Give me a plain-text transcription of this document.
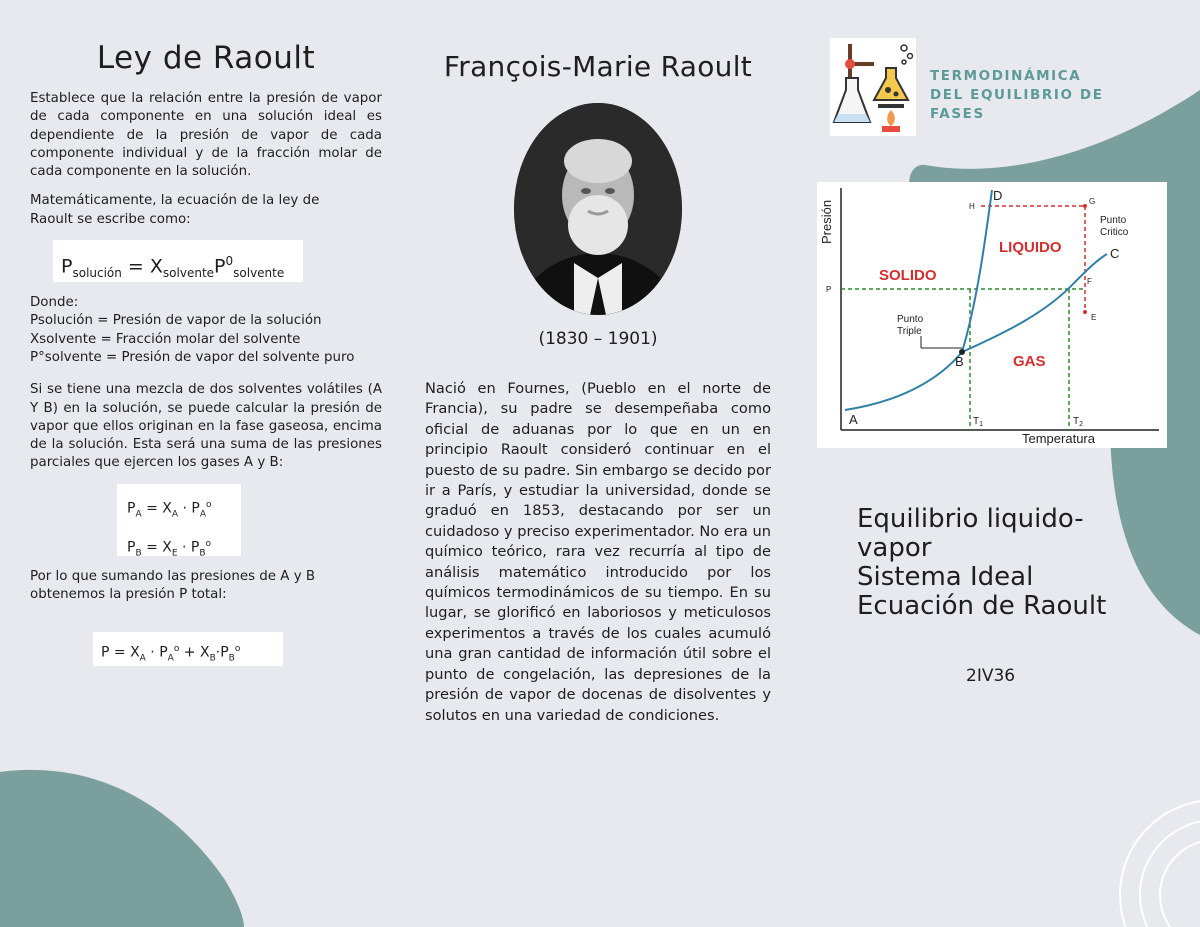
Ley de Raoult

Establece que la relación entre la presión de vapor de cada componente en una solución ideal es dependiente de la presión de vapor de cada componente individual y de la fracción molar de cada componente en la solución.

Matemáticamente, la ecuación de la ley de Raoult se escribe como:

$P_{solución} = X_{solvente}P^0_{solvente}$
Donde:
Psolución = Presión de vapor de la solución
Xsolvente = Fracción molar del solvente
P°solvente = Presión de vapor del solvente puro

Si se tiene una mezcla de dos solventes volátiles (A Y B) en la solución, se puede calcular la presión de vapor que ellos originan en la fase gaseosa, encima de la solución. Esta será una suma de las presiones parciales que ejercen los gases A y B:

$P_A = X_A \cdot P_A^o$
$P_B = X_E \cdot P_B^o$

Por lo que sumando las presiones de A y B obtenemos la presión P total:

$P = X_A \cdot P_A^o + X_B\cdot P_B^o$
François-Marie Raoult
(1830 – 1901)

Nació en Fournes, (Pueblo en el norte de Francia), su padre se desempeñaba como oficial de aduanas por lo que en un en principio Raoult consideró continuar en el puesto de su padre. Sin embargo se decido por ir a París, y estudiar la universidad, donde se graduó en 1853, destacando por ser un cuidadoso y preciso experimentador. No era un químico teórico, rara vez recurría al tipo de análisis matemático introducido por los químicos termodinámicos de su tiempo. En su lugar, se glorificó en laboriosos y meticulosos experimentos a través de los cuales acumuló una gran cantidad de información útil sobre el punto de congelación, las depresiones de la presión de vapor de docenas de disolventes y solutos en una variedad de condiciones.

TERMODINÁMICA
DEL EQUILIBRIO DE
FASES
Presión
Temperatura
SOLIDO
LIQUIDO
GAS
A
B
C
D
H
G
F
E
P
Punto
Critico
Punto
Triple
$T_1$	$T_2$
Equilibrio liquido-
vapor
Sistema Ideal
Ecuación de Raoult
2IV36
